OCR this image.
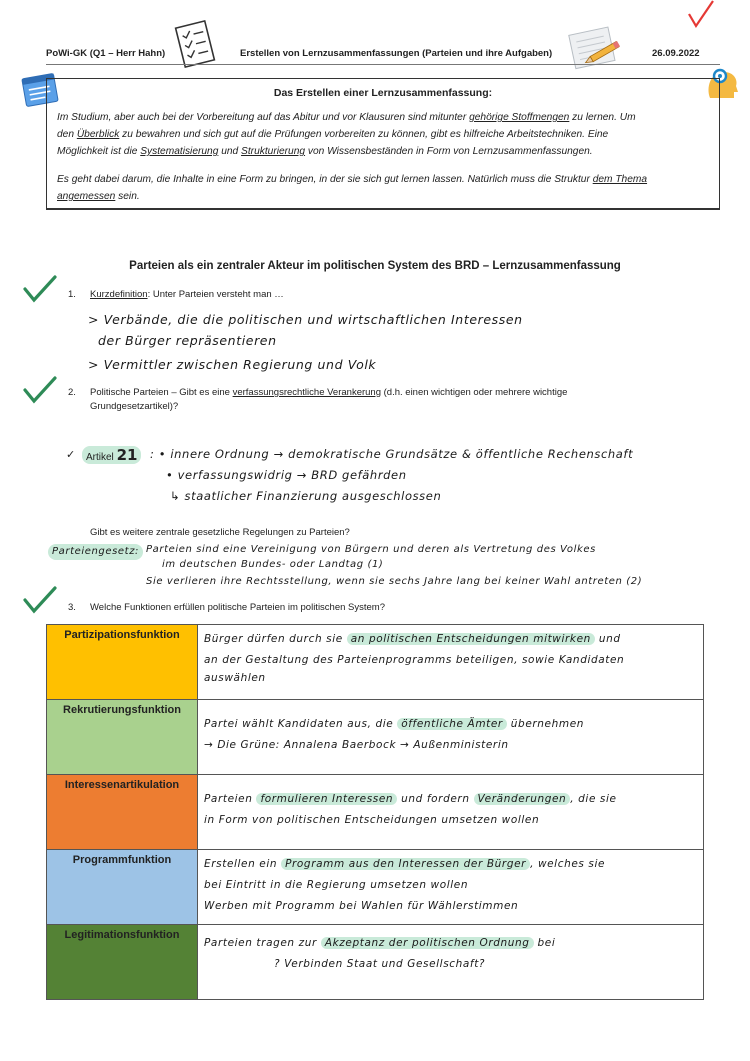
PoWi-GK (Q1 – Herr Hahn)	Erstellen von Lernzusammenfassungen (Parteien und ihre Aufgaben)	26.09.2022
Das Erstellen einer Lernzusammenfassung:

Im Studium, aber auch bei der Vorbereitung auf das Abitur und vor Klausuren sind mitunter gehörige Stoffmengen zu lernen. Um

den Überblick zu bewahren und sich gut auf die Prüfungen vorbereiten zu können, gibt es hilfreiche Arbeitstechniken. Eine

Möglichkeit ist die Systematisierung und Strukturierung von Wissensbeständen in Form von Lernzusammenfassungen.

Es geht dabei darum, die Inhalte in eine Form zu bringen, in der sie sich gut lernen lassen. Natürlich muss die Struktur dem Thema

angemessen sein.

Parteien als ein zentraler Akteur im politischen System des BRD – Lernzusammenfassung
1. Kurzdefinition: Unter Parteien versteht man …
> Verbände, die die politischen und wirtschaftlichen Interessen
der Bürger repräsentieren
> Vermittler zwischen Regierung und Volk
2. Politische Parteien – Gibt es eine verfassungsrechtliche Verankerung (d.h. einen wichtigen oder mehrere wichtige
Grundgesetzartikel)?
✓	Artikel 21	: • innere Ordnung → demokratische Grundsätze & öffentliche Rechenschaft
• verfassungswidrig → BRD gefährden
↳ staatlicher Finanzierung ausgeschlossen
Gibt es weitere zentrale gesetzliche Regelungen zu Parteien?
Parteiengesetz: Parteien sind eine Vereinigung von Bürgern und deren als Vertretung des Volkes
im deutschen Bundes- oder Landtag (1)
Sie verlieren ihre Rechtsstellung, wenn sie sechs Jahre lang bei keiner Wahl antreten (2)
3. Welche Funktionen erfüllen politische Parteien im politischen System?
Partizipationsfunktion	Bürger dürfen durch sie an politischen Entscheidungen mitwirken und
an der Gestaltung des Parteienprogramms beteiligen, sowie Kandidaten
auswählen

Rekrutierungsfunktion	Partei wählt Kandidaten aus, die öffentliche Ämter übernehmen
→ Die Grüne: Annalena Baerbock → Außenministerin

Interessenartikulation	Parteien formulieren Interessen und fordern Veränderungen , die sie
in Form von politischen Entscheidungen umsetzen wollen

Programmfunktion	Erstellen ein Programm aus den Interessen der Bürger , welches sie
bei Eintritt in die Regierung umsetzen wollen
Werben mit Programm bei Wahlen für Wählerstimmen

Legitimationsfunktion	Parteien tragen zur Akzeptanz der politischen Ordnung bei
? Verbinden Staat und Gesellschaft?
